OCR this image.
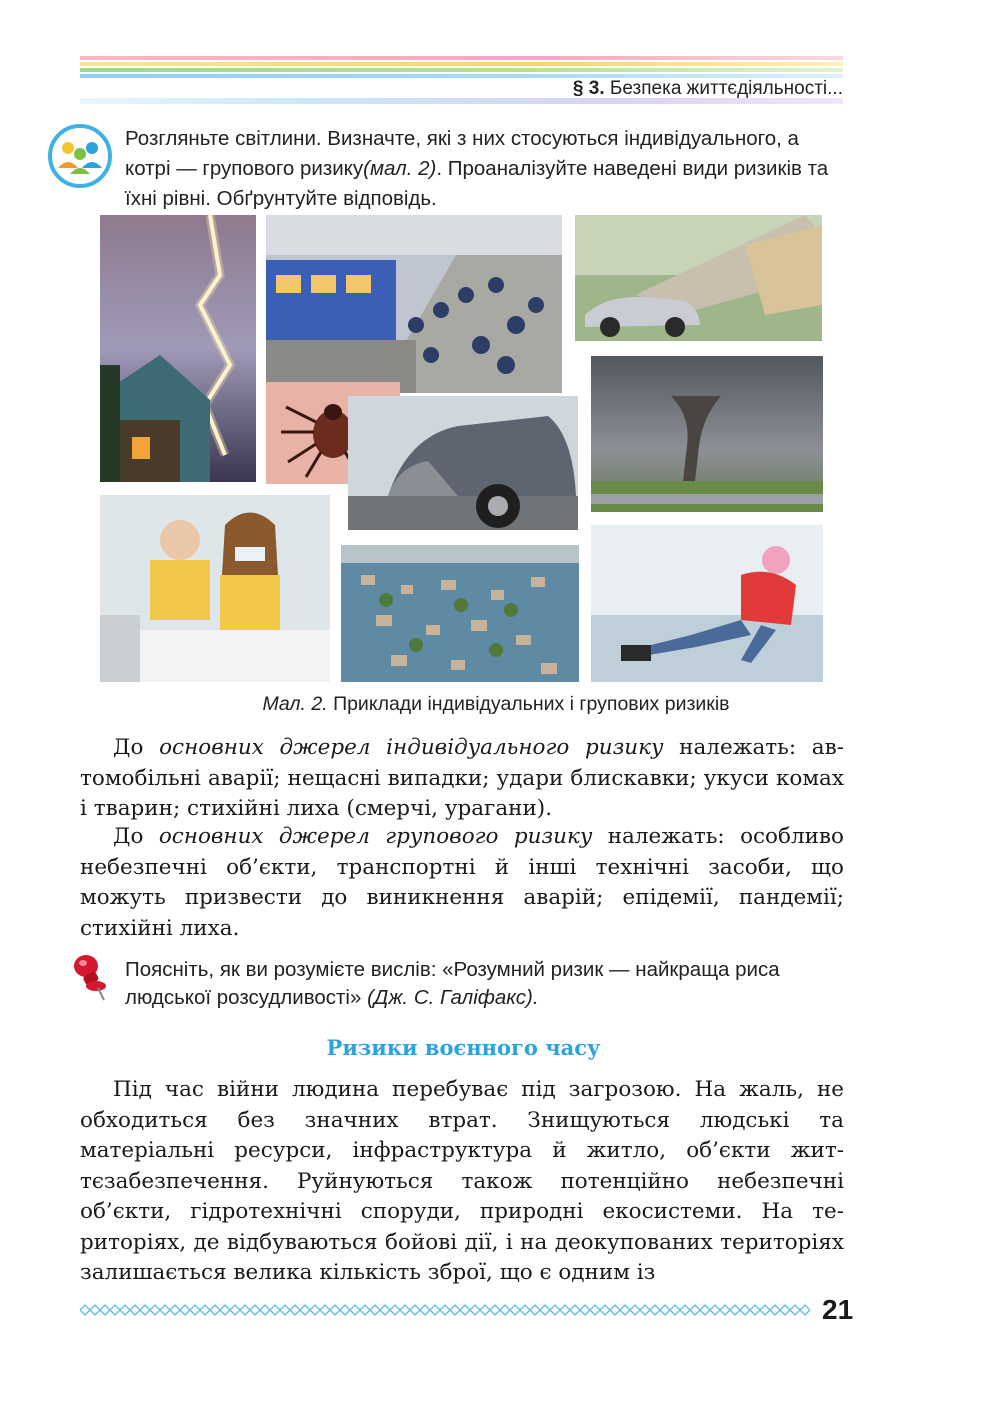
§ 3. Безпека життєдіяльності...
Розгляньте світлини. Визначте, які з них стосуються індивідуального, а котрі — групового ризику(мал. 2). Проаналізуйте наведені види ризиків та їхні рівні. Обґрунтуйте відповідь.
Мал. 2. Приклади індивідуальних і групових ризиків
До основних джерел індивідуального ризику належать: автомобільні аварії; нещасні випадки; удари блискавки; укуси комах і тварин; стихійні лиха (смерчі, урагани).
До основних джерел групового ризику належать: особливо небезпечні об’єкти, транспортні й інші технічні засоби, що можуть призвести до виникнення аварій; епідемії, пандемії; стихійні лиха.
Поясніть, як ви розумієте вислів: «Розумний ризик — найкраща риса людської розсудливості» (Дж. С. Галіфакс).
Ризики воєнного часу
Під час війни людина перебуває під загрозою. На жаль, не обходиться без значних втрат. Знищуються людські та матеріальні ресурси, інфраструктура й житло, об’єкти життєзабезпечення. Руйнуються також потенційно небезпечні об’єкти, гідротехнічні споруди, природні екосистеми. На територіях, де відбуваються бойові дії, і на деокупованих територіях залишається велика кількість зброї, що є одним із
21
